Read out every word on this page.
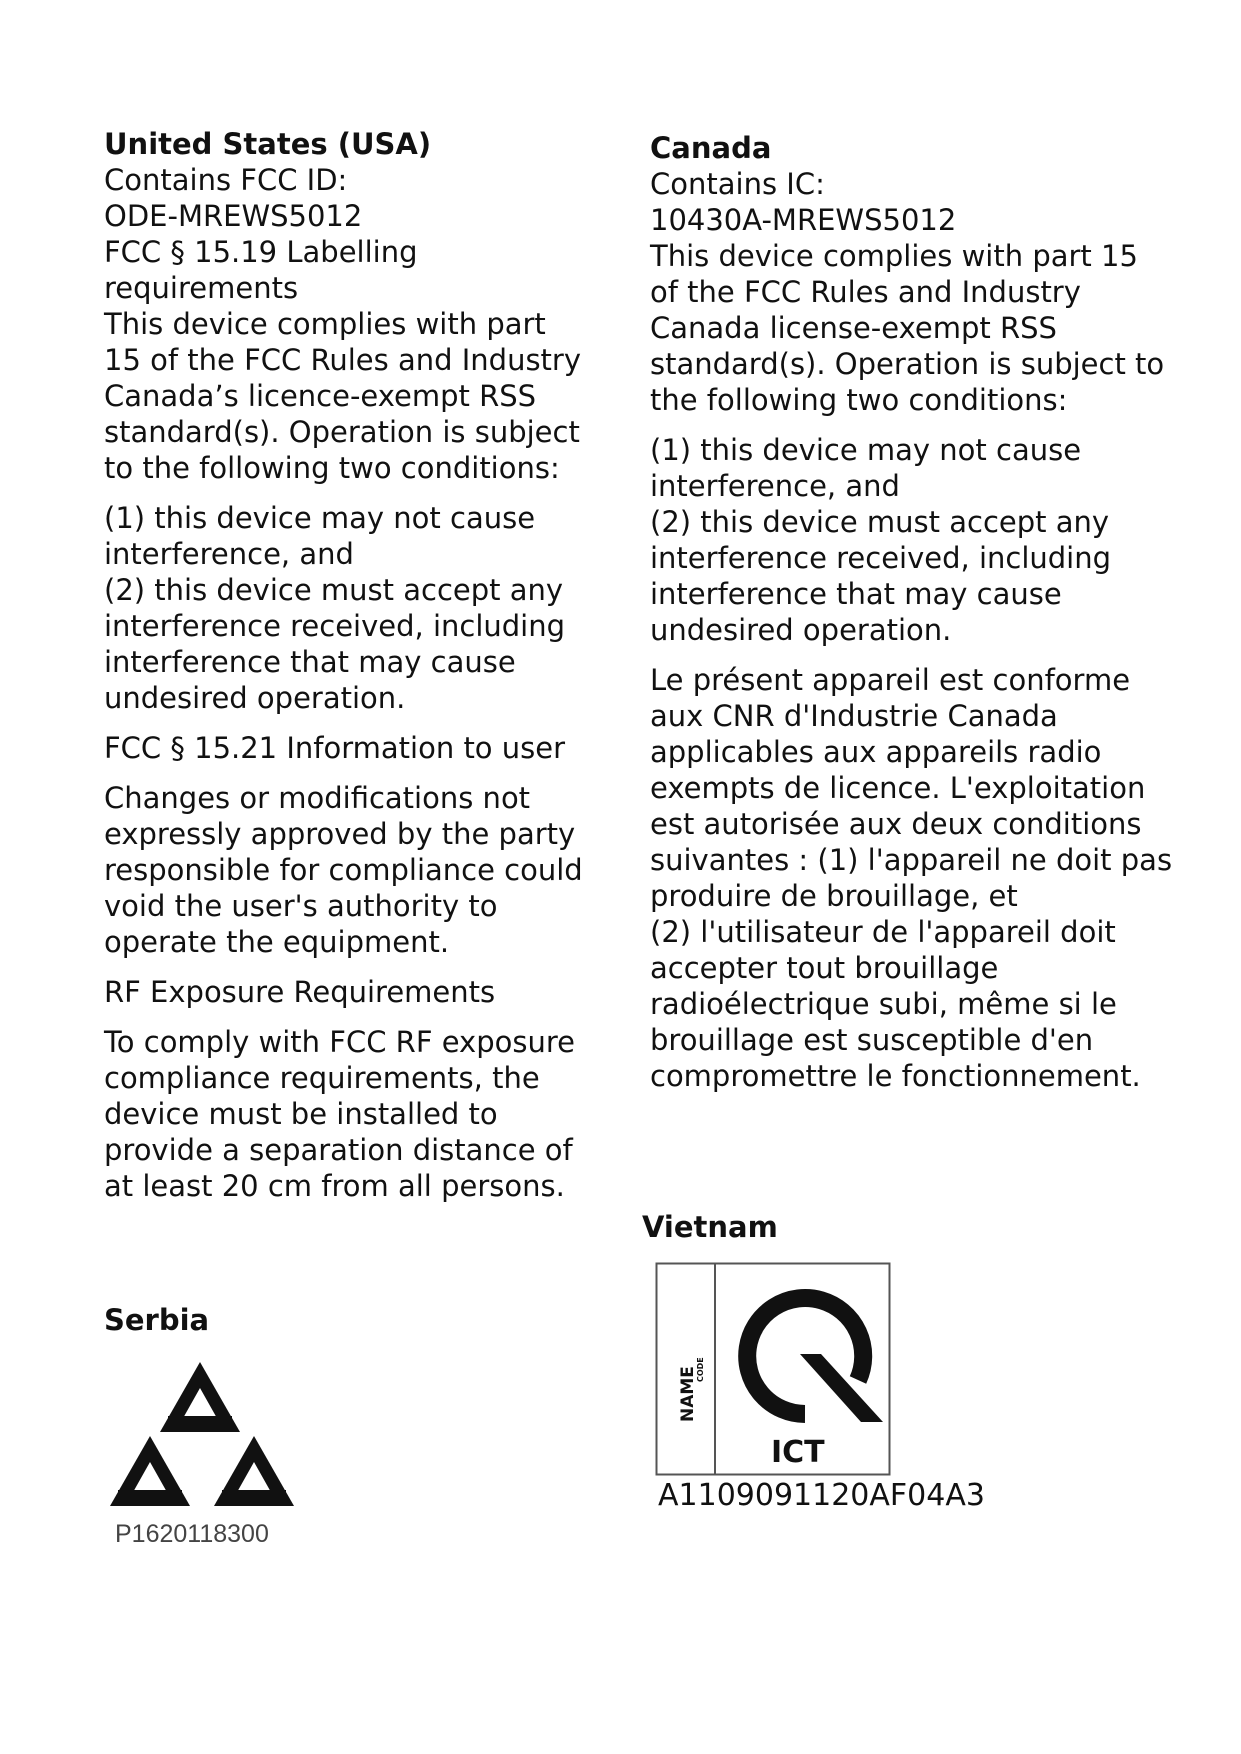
United States (USA)
Contains FCC ID:
ODE-MREWS5012
FCC § 15.19 Labelling
requirements
This device complies with part
15 of the FCC Rules and Industry
Canada’s licence-exempt RSS
standard(s). Operation is subject
to the following two conditions:
(1) this device may not cause
interference, and
(2) this device must accept any
interference received, including
interference that may cause
undesired operation.
FCC § 15.21 Information to user
Changes or modifications not
expressly approved by the party
responsible for compliance could
void the user's authority to
operate the equipment.
RF Exposure Requirements
To comply with FCC RF exposure
compliance requirements, the
device must be installed to
provide a separation distance of
at least 20 cm from all persons.
Canada
Contains IC:
10430A-MREWS5012
This device complies with part 15
of the FCC Rules and Industry
Canada license-exempt RSS
standard(s). Operation is subject to
the following two conditions:
(1) this device may not cause
interference, and
(2) this device must accept any
interference received, including
interference that may cause
undesired operation.
Le présent appareil est conforme
aux CNR d'Industrie Canada
applicables aux appareils radio
exempts de licence. L'exploitation
est autorisée aux deux conditions
suivantes : (1) l'appareil ne doit pas
produire de brouillage, et
(2) l'utilisateur de l'appareil doit
accepter tout brouillage
radioélectrique subi, même si le
brouillage est susceptible d'en
compromettre le fonctionnement.
Vietnam
NAME
CODE
ICT
A1109091120AF04A3
Serbia
P1620118300
